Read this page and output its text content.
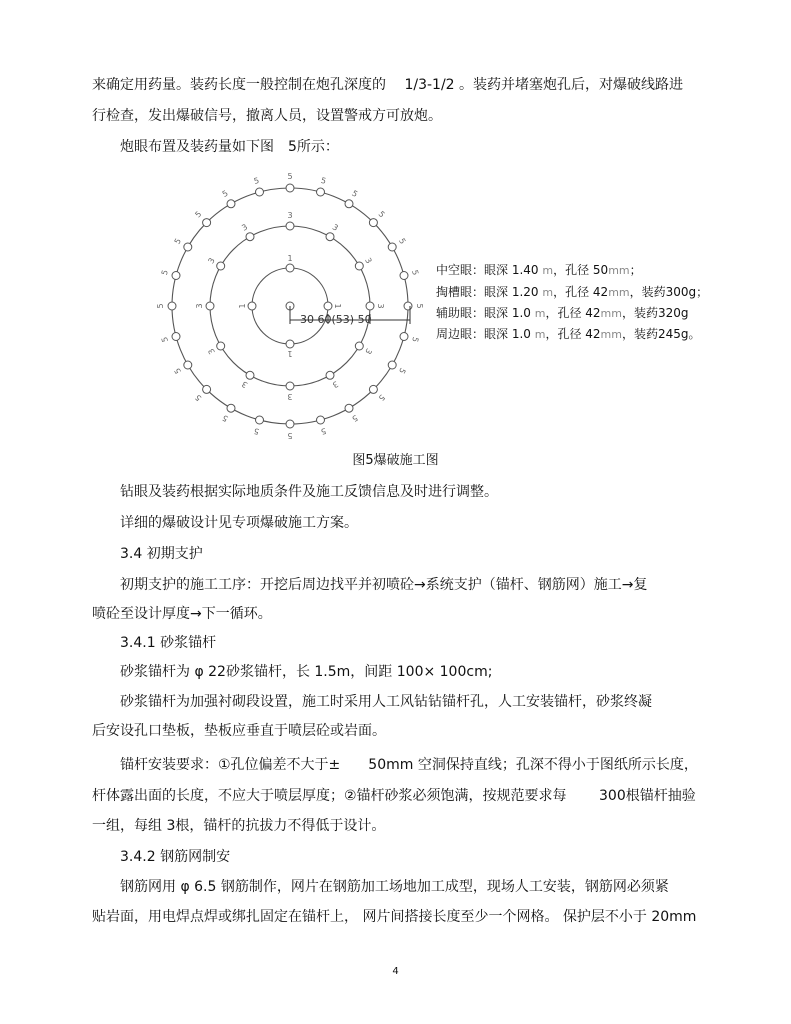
来确定用药量。装药长度一般控制在炮孔深度的　 1/3-1/2 。装药并堵塞炮孔后，对爆破线路进
行检查，发出爆破信号，撤离人员，设置警戒方可放炮。
炮眼布置及装药量如下图　5所示：
1
1
1
1
3
3
3
3
3
3
3
3
3
3
3
3
5	5
5
5
5
5
5
5
5
5
5
5
5
5
5
5
5
5
5
5
5
5
5
5
30 60(53) 50
中空眼：眼深 1.40 m，孔径 50mm；
掏槽眼：眼深 1.20 m，孔径 42mm，装药300g；
辅助眼：眼深 1.0 m，孔径 42mm，装药320g
周边眼：眼深 1.0 m，孔径 42mm，装药245g。
图5爆破施工图
钻眼及装药根据实际地质条件及施工反馈信息及时进行调整。
详细的爆破设计见专项爆破施工方案。
3.4 初期支护
初期支护的施工工序：开挖后周边找平并初喷砼→系统支护（锚杆、钢筋网）施工→复
喷砼至设计厚度→下一循环。
3.4.1 砂浆锚杆
砂浆锚杆为 φ 22砂浆锚杆，长 1.5m，间距 100× 100cm;
砂浆锚杆为加强衬砌段设置，施工时采用人工风钻钻锚杆孔，人工安装锚杆，砂浆终凝
后安设孔口垫板，垫板应垂直于喷层砼或岩面。
锚杆安装要求：①孔位偏差不大于±　　50mm 空洞保持直线；孔深不得小于图纸所示长度，
杆体露出面的长度，不应大于喷层厚度；②锚杆砂浆必须饱满，按规范要求每　　 300根锚杆抽验
一组，每组 3根，锚杆的抗拔力不得低于设计。
3.4.2 钢筋网制安
钢筋网用 φ 6.5 钢筋制作，网片在钢筋加工场地加工成型，现场人工安装，钢筋网必须紧
贴岩面，用电焊点焊或绑扎固定在锚杆上， 网片间搭接长度至少一个网格。 保护层不小于 20mm
4
